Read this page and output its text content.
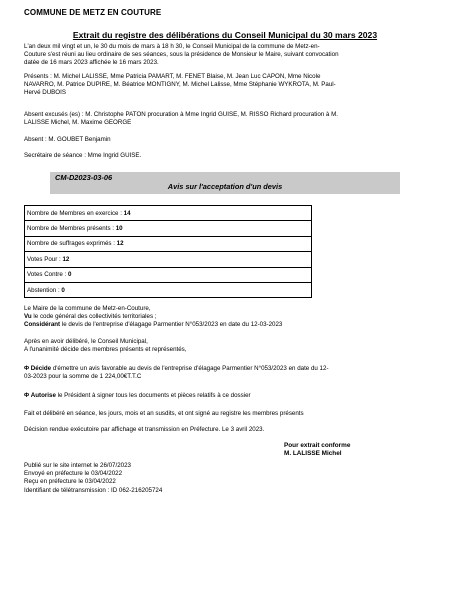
COMMUNE DE METZ EN COUTURE
Extrait du registre des délibérations du Conseil Municipal du 30 mars 2023
L'an deux mil vingt et un, le 30 du mois de mars à 18 h 30, le Conseil Municipal de la commune de Metz-en-
Couture s'est réuni au lieu ordinaire de ses séances, sous la présidence de Monsieur le Maire, suivant convocation
datée de 16 mars 2023 affichée le 16 mars 2023.
Présents : M. Michel LALISSE, Mme Patricia PAMART, M. FENET Blaise, M. Jean Luc CAPON, Mme Nicole
NAVARRO, M. Patrice DUPIRE, M. Béatrice MONTIGNY, M. Michel Lalisse, Mme Stéphanie WYKROTA, M. Paul-
Hervé DUBOIS
Absent excusés (es) : M. Christophe PATON procuration à Mme Ingrid GUISE, M. RISSO Richard procuration à M.
LALISSE Michel, M. Maxime GEORGE
Absent : M. GOUBET Benjamin
Secrétaire de séance : Mme Ingrid GUISE.
CM-D2023-03-06
Avis sur l'acceptation d'un devis
Nombre de Membres en exercice : 14
Nombre de Membres présents : 10
Nombre de suffrages exprimés : 12
Votes Pour : 12
Votes Contre : 0
Abstention : 0
Le Maire de la commune de Metz-en-Couture,
Vu le code général des collectivités territoriales ;
Considérant le devis de l'entreprise d'élagage Parmentier N°053/2023 en date du 12-03-2023
Après en avoir délibéré, le Conseil Municipal,
A l'unanimité décide des membres présents et représentés,
Φ Décide d'émettre un avis favorable au devis de l'entreprise d'élagage Parmentier N°053/2023 en date du 12-
03-2023 pour la somme de 1 224,00€T.T.C
Φ Autorise le Président à signer tous les documents et pièces relatifs à ce dossier
Fait et délibéré en séance, les jours, mois et an susdits, et ont signé au registre les membres présents
Décision rendue exécutoire par affichage et transmission en Préfecture. Le 3 avril 2023.
Pour extrait conforme
M. LALISSE Michel
Publié sur le site internet le 26/07/2023
Envoyé en préfecture le 03/04/2022
Reçu en préfecture le 03/04/2022
Identifiant de télétransmission : ID 062-216205724
